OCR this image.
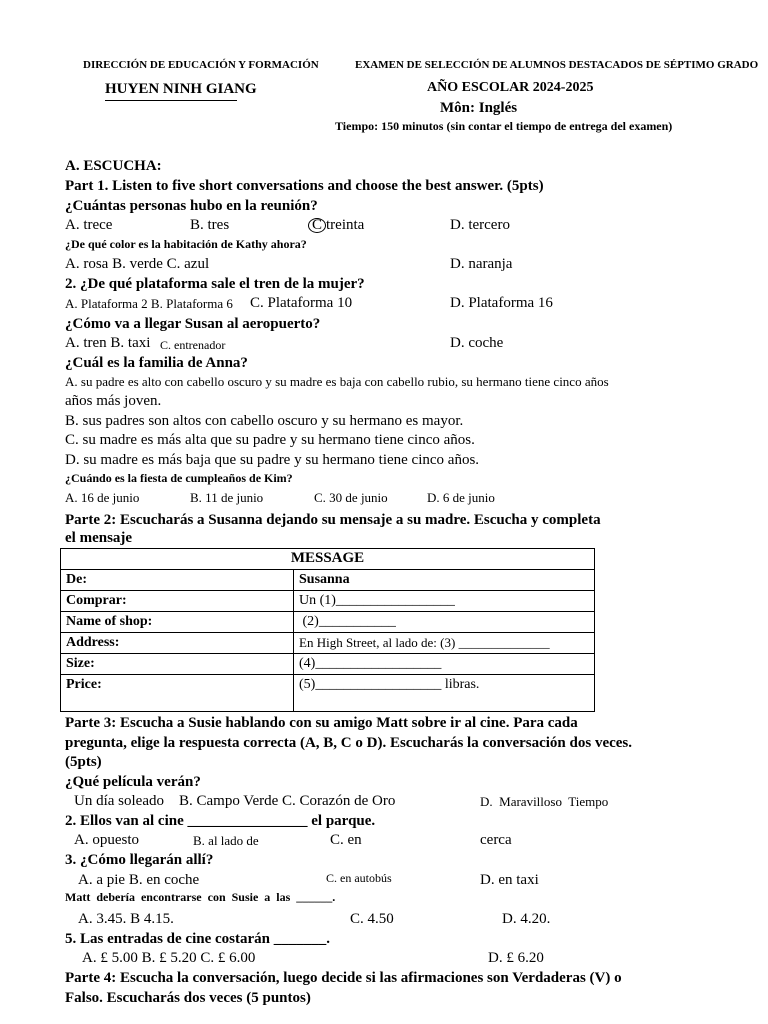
DIRECCIÓN DE EDUCACIÓN Y FORMACIÓN	EXAMEN DE SELECCIÓN DE ALUMNOS DESTACADOS DE SÉPTIMO GRADO
HUYEN NINH GIANG	AÑO ESCOLAR 2024-2025
Môn: Inglés
Tiempo: 150 minutos (sin contar el tiempo de entrega del examen)
A. ESCUCHA:
Part 1. Listen to five short conversations and choose the best answer. (5pts)
¿Cuántas personas hubo en la reunión?
A. trece	B. tres	C treinta	D. tercero
¿De qué color es la habitación de Kathy ahora?
A. rosa B. verde C. azul	D. naranja
2. ¿De qué plataforma sale el tren de la mujer?
A. Plataforma 2 B. Plataforma 6 C. Plataforma 10	D. Plataforma 16
¿Cómo va a llegar Susan al aeropuerto?
A. tren B. taxi C. entrenador	D. coche
¿Cuál es la familia de Anna?
A. su padre es alto con cabello oscuro y su madre es baja con cabello rubio, su hermano tiene cinco años
años más joven.
B. sus padres son altos con cabello oscuro y su hermano es mayor.
C. su madre es más alta que su padre y su hermano tiene cinco años.
D. su madre es más baja que su padre y su hermano tiene cinco años.
¿Cuándo es la fiesta de cumpleaños de Kim?
A. 16 de junio	B. 11 de junio	C. 30 de junio	D. 6 de junio
Parte 2: Escucharás a Susanna dejando su mensaje a su madre. Escucha y completa
el mensaje
MESSAGE	
De:	Susanna
Comprar:	Un (1)_________________
Name of shop:	(2)___________
Address:	En High Street, al lado de: (3) ______________
Size:	(4)__________________
Price:	(5)__________________ libras.
Parte 3: Escucha a Susie hablando con su amigo Matt sobre ir al cine. Para cada
pregunta, elige la respuesta correcta (A, B, C o D). Escucharás la conversación dos veces.
(5pts)
¿Qué película verán?
Un día soleado    B. Campo Verde C. Corazón de Oro	D.  Maravilloso  Tiempo
2. Ellos van al cine ________________ el parque.
A. opuesto	B. al lado de	C. en	cerca
3. ¿Cómo llegarán allí?
A. a pie B. en coche	C. en autobús	D. en taxi
Matt  debería  encontrarse  con  Susie  a  las  ______.
A. 3.45. B 4.15.	C. 4.50	D. 4.20.
5. Las entradas de cine costarán _______.
A. £ 5.00 B. £ 5.20 C. £ 6.00	D. £ 6.20
Parte 4: Escucha la conversación, luego decide si las afirmaciones son Verdaderas (V) o
Falso. Escucharás dos veces (5 puntos)
